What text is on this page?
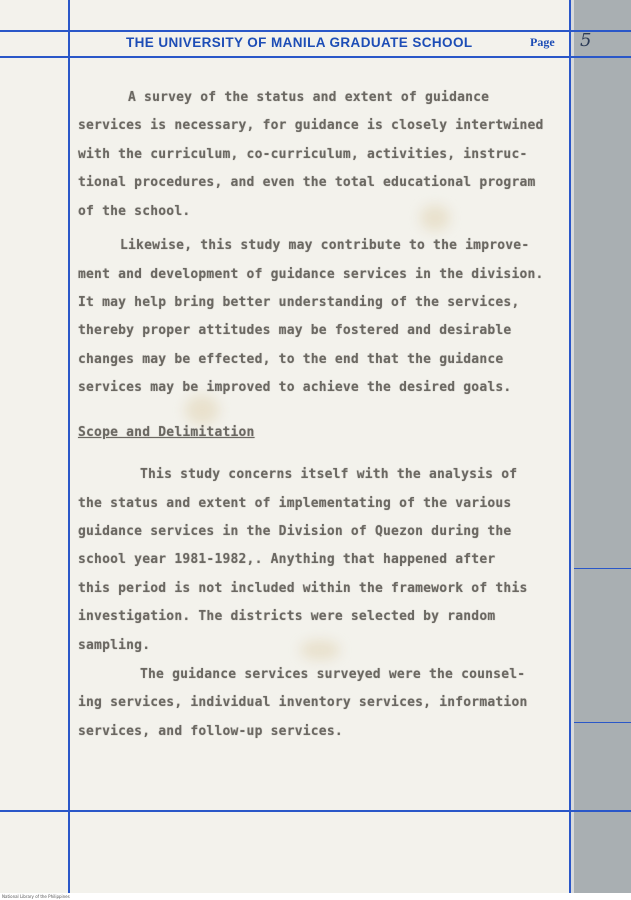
THE UNIVERSITY OF MANILA GRADUATE SCHOOL	Page 5
A survey of the status and extent of guidance
services is necessary, for guidance is closely intertwined
with the curriculum, co-curriculum, activities, instruc-
tional procedures, and even the total educational program
of the school.
Likewise, this study may contribute to the improve-
ment and development of guidance services in the division.
It may help bring better understanding of the services,
thereby proper attitudes may be fostered and desirable
changes may be effected, to the end that the guidance
services may be improved to achieve the desired goals.
Scope and Delimitation
This study concerns itself with the analysis of
the status and extent of implementating of the various
guidance services in the Division of Quezon during the
school year 1981-1982,. Anything that happened after
this period is not included within the framework of this
investigation. The districts were selected by random
sampling.
The guidance services surveyed were the counsel-
ing services, individual inventory services, information
services, and follow-up services.
National Library of the Philippines
